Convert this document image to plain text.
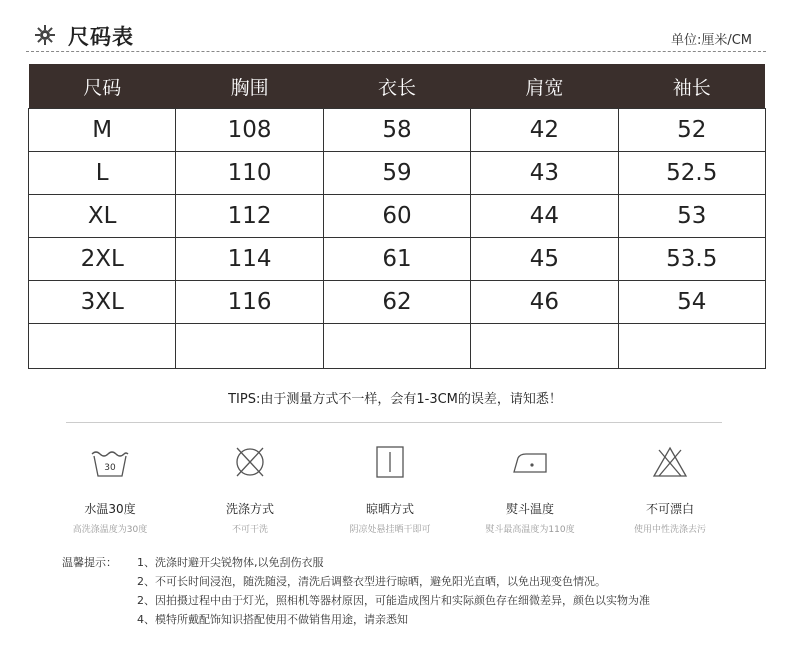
尺码表	单位:厘米/CM
尺码	胸围	衣长	肩宽	袖长
M	108	58	42	52
L	110	59	43	52.5
XL	112	60	44	53
2XL	114	61	45	53.5
3XL	116	62	46	54

TIPS:由于测量方式不一样，会有1-3CM的误差，请知悉！
30
水温30度
高洗涤温度为30度
洗涤方式
不可干洗
晾晒方式
阴凉处悬挂晒干即可
熨斗温度
熨斗最高温度为110度
不可漂白
使用中性洗涤去污
温馨提示： 1、洗涤时避开尖锐物体,以免刮伤衣服
2、不可长时间浸泡，随洗随浸，清洗后调整衣型进行晾晒，避免阳光直晒，以免出现变色情况。
2、因拍摄过程中由于灯光，照相机等器材原因，可能造成图片和实际颜色存在细微差异，颜色以实物为准
4、模特所戴配饰知识搭配使用不做销售用途，请亲悉知
